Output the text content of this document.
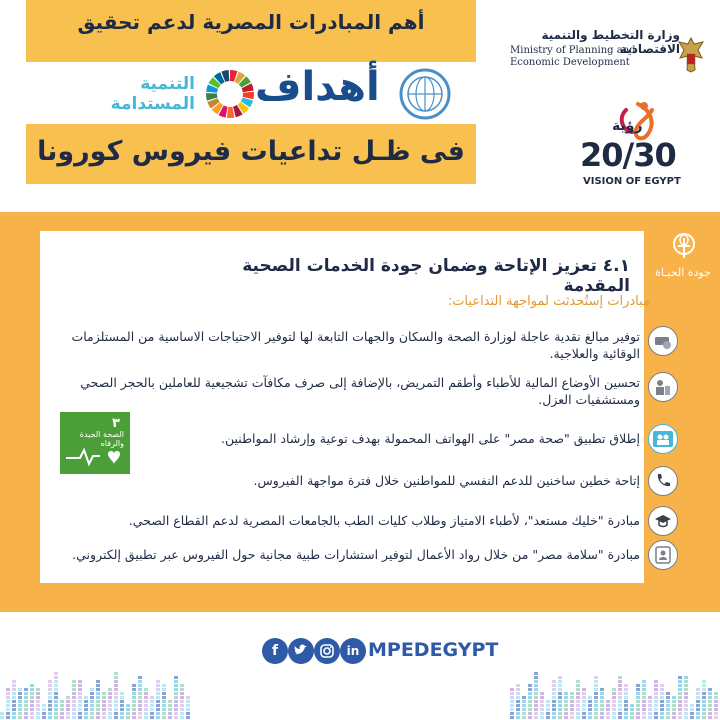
أهم المبادرات المصرية لدعم تحقيق
التنمية
المستدامة أهداف
فى ظـل تداعيات فيروس كورونا
وزارة التخطيط والتنمية الاقتصادية
Ministry of Planning and Economic Development
رؤية
20/30
VISION OF EGYPT
جودة الحيـاة
٤.١ تعزيز الإتاحة وضمان جودة الخدمات الصحية المقدمة
مبادرات إستُحدثت لمواجهة التداعيات:
توفير مبالغ نقدية عاجلة لوزارة الصحة والسكان والجهات التابعة لها لتوفير الاحتياجات الاساسية من المستلزمات الوقائية والعلاجية.
تحسين الأوضاع المالية للأطباء وأطقم التمريض، بالإضافة إلى صرف مكافآت تشجيعية للعاملين بالحجر الصحي ومستشفيات العزل.
إطلاق تطبيق "صحة مصر" على الهواتف المحمولة بهدف توعية وإرشاد المواطنين.
إتاحة خطين ساخنين للدعم النفسي للمواطنين خلال فترة مواجهة الفيروس.
مبادرة "خليك مستعد"، لأطباء الامتياز وطلاب كليات الطب بالجامعات المصرية لدعم القطاع الصحي.
مبادرة "سلامة مصر" من خلال رواد الأعمال لتوفير استشارات طبية مجانية حول الفيروس عبر تطبيق إلكتروني.
٣
الصحة الجيدة والرفاه
f	in MPEDEGYPT
